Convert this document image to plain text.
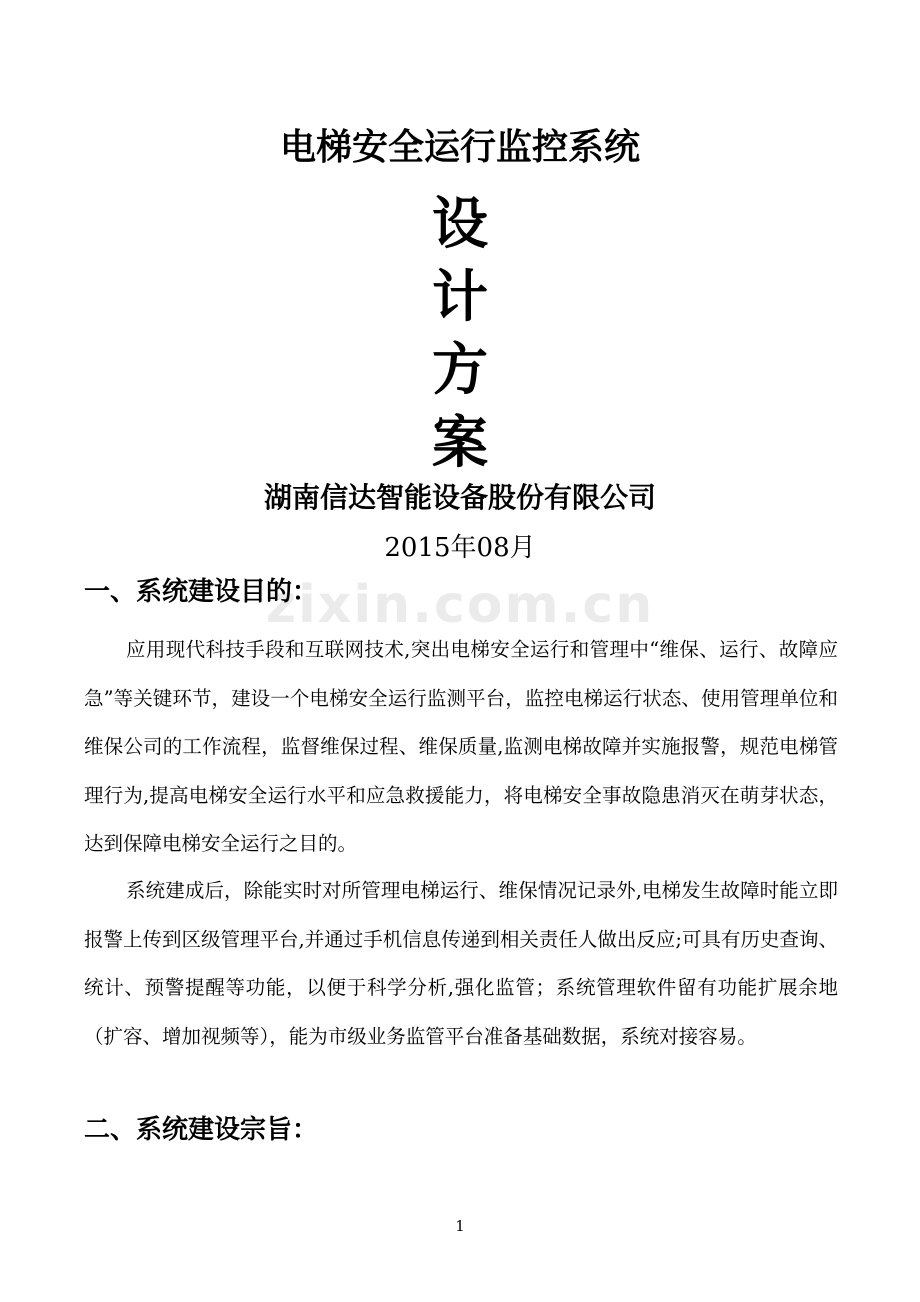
zixin.com.cn
电梯安全运行监控系统
设
计
方
案
湖南信达智能设备股份有限公司
2015年08月
一、系统建设目的：

应用现代科技手段和互联网技术,突出电梯安全运行和管理中“维保、运行、故障应急”等关键环节，建设一个电梯安全运行监测平台，监控电梯运行状态、使用管理单位和维保公司的工作流程，监督维保过程、维保质量,监测电梯故障并实施报警，规范电梯管理行为,提高电梯安全运行水平和应急救援能力，将电梯安全事故隐患消灭在萌芽状态，达到保障电梯安全运行之目的。

系统建成后，除能实时对所管理电梯运行、维保情况记录外,电梯发生故障时能立即报警上传到区级管理平台,并通过手机信息传递到相关责任人做出反应;可具有历史查询、统计、预警提醒等功能，以便于科学分析,强化监管；系统管理软件留有功能扩展余地（扩容、增加视频等），能为市级业务监管平台准备基础数据，系统对接容易。

二、系统建设宗旨：
1
